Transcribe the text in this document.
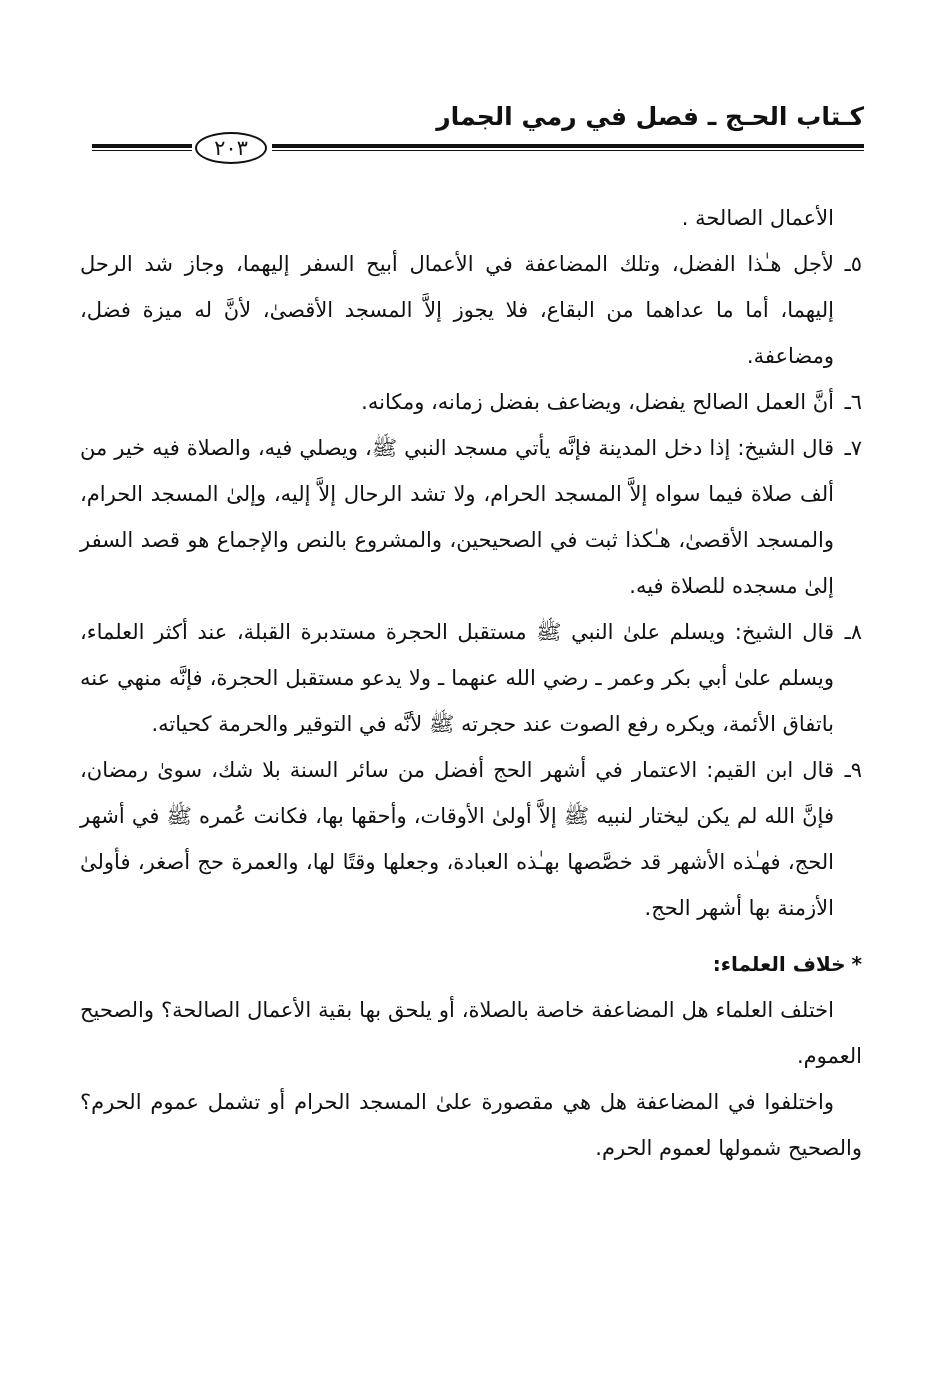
كـتاب الحـج ـ فصل في رمي الجمار
٢٠٣

الأعمال الصالحة .

٥ـ
لأجل هـٰذا الفضل، وتلك المضاعفة في الأعمال أبيح السفر إليهما، وجاز شد الرحل إليهما، أما ما عداهما من البقاع، فلا يجوز إلاَّ المسجد الأقصىٰ، لأنَّ له ميزة فضل، ومضاعفة.

٦ـ
أنَّ العمل الصالح يفضل، ويضاعف بفضل زمانه، ومكانه.

٧ـ
قال الشيخ: إذا دخل المدينة فإنَّه يأتي مسجد النبي ﷺ، ويصلي فيه، والصلاة فيه خير من ألف صلاة فيما سواه إلاَّ المسجد الحرام، ولا تشد الرحال إلاَّ إليه، وإلىٰ المسجد الحرام، والمسجد الأقصىٰ، هـٰكذا ثبت في الصحيحين، والمشروع بالنص والإجماع هو قصد السفر إلىٰ مسجده للصلاة فيه.

٨ـ
قال الشيخ: ويسلم علىٰ النبي ﷺ مستقبل الحجرة مستدبرة القبلة، عند أكثر العلماء، ويسلم علىٰ أبي بكر وعمر ـ رضي الله عنهما ـ ولا يدعو مستقبل الحجرة، فإنَّه منهي عنه باتفاق الأئمة، ويكره رفع الصوت عند حجرته ﷺ لأنَّه في التوقير والحرمة كحياته.

٩ـ
قال ابن القيم: الاعتمار في أشهر الحج أفضل من سائر السنة بلا شك، سوىٰ رمضان، فإنَّ الله لم يكن ليختار لنبيه ﷺ إلاَّ أولىٰ الأوقات، وأحقها بها، فكانت عُمره ﷺ في أشهر الحج، فهـٰذه الأشهر قد خصَّصها بهـٰذه العبادة، وجعلها وقتًا لها، والعمرة حج أصغر، فأولىٰ الأزمنة بها أشهر الحج.

*خلاف العلماء:

اختلف العلماء هل المضاعفة خاصة بالصلاة، أو يلحق بها بقية الأعمال الصالحة؟ والصحيح العموم.

واختلفوا في المضاعفة هل هي مقصورة علىٰ المسجد الحرام أو تشمل عموم الحرم؟ والصحيح شمولها لعموم الحرم.
